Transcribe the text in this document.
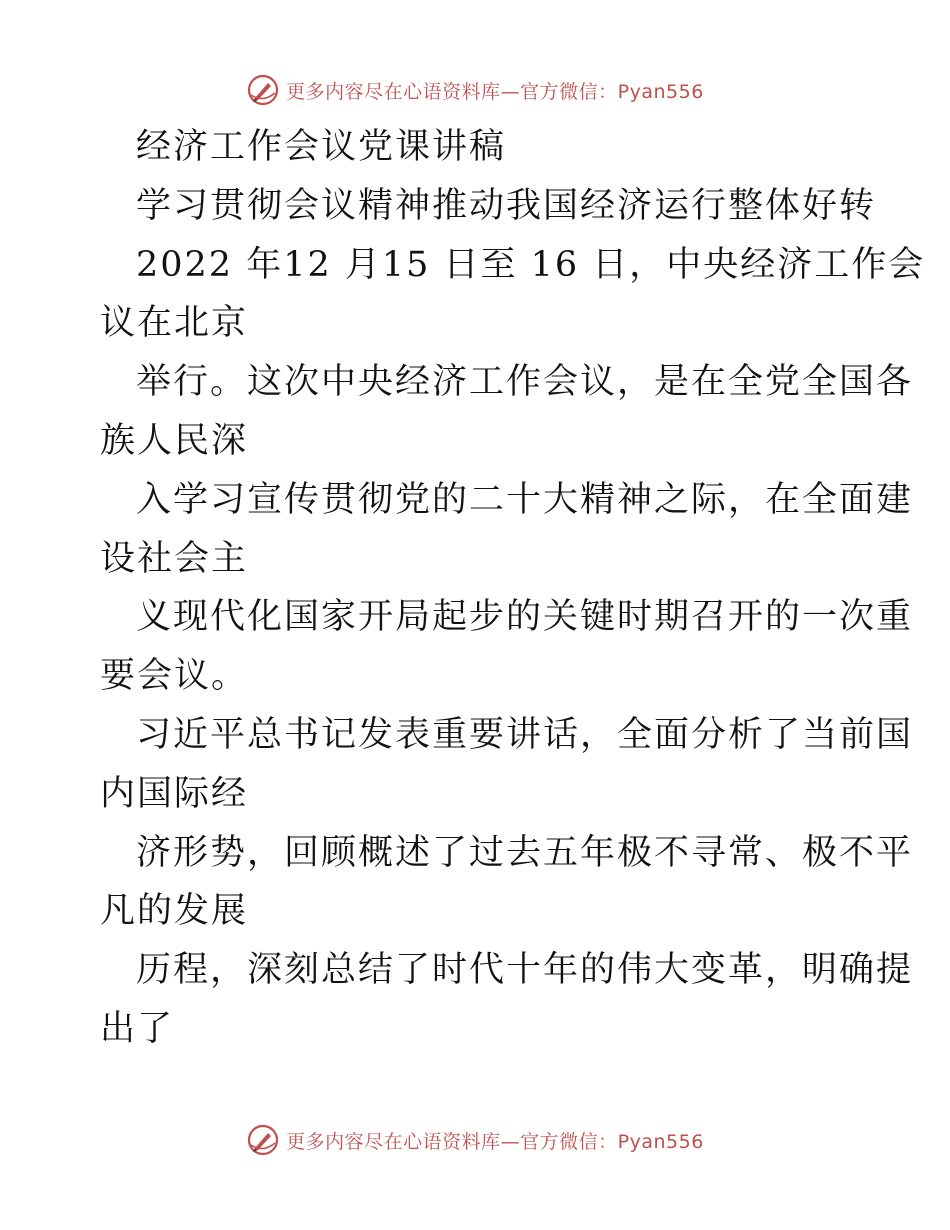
更多内容尽在心语资料库—官方微信：Pyan556
经济工作会议党课讲稿
学习贯彻会议精神推动我国经济运行整体好转
2022 年12 月15 日至 16 日，中央经济工作会
议在北京
举行。这次中央经济工作会议，是在全党全国各
族人民深
入学习宣传贯彻党的二十大精神之际，在全面建
设社会主
义现代化国家开局起步的关键时期召开的一次重
要会议。
习近平总书记发表重要讲话，全面分析了当前国
内国际经
济形势，回顾概述了过去五年极不寻常、极不平
凡的发展
历程，深刻总结了时代十年的伟大变革，明确提
出了
更多内容尽在心语资料库—官方微信：Pyan556
